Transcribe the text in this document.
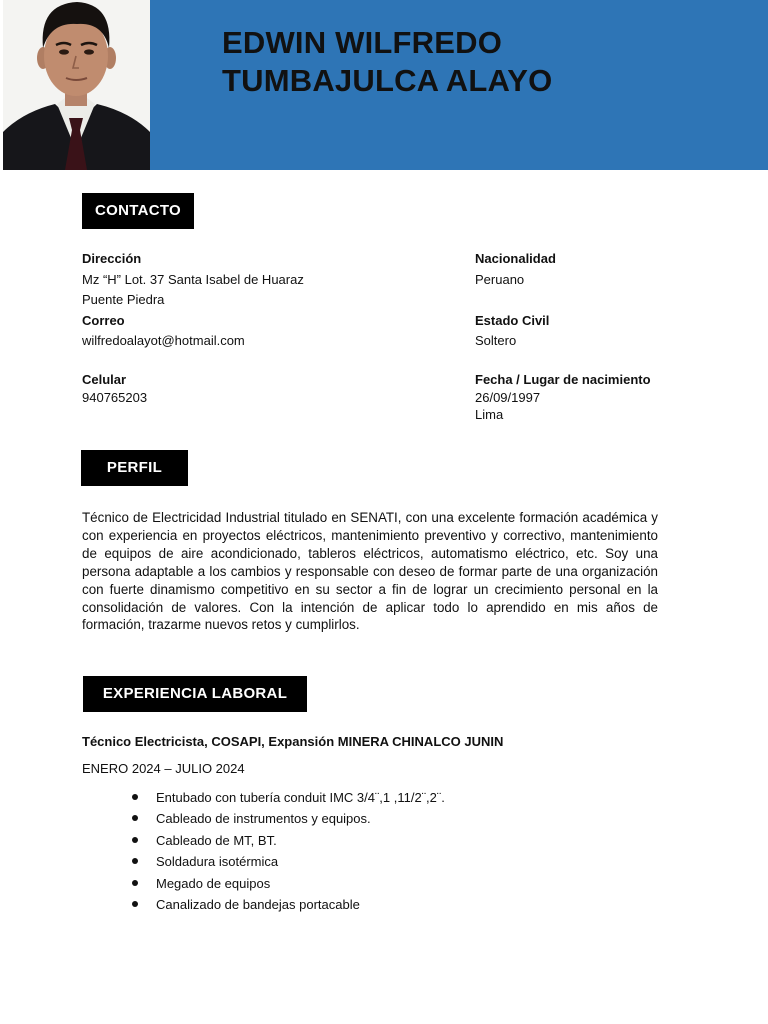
EDWIN WILFREDO
TUMBAJULCA ALAYO
CONTACTO
Dirección
Mz “H” Lot. 37 Santa Isabel de Huaraz
Puente Piedra
Correo
wilfredoalayot@hotmail.com
Celular
940765203
Nacionalidad
Peruano
Estado Civil
Soltero
Fecha / Lugar de nacimiento
26/09/1997
Lima
PERFIL

Técnico de Electricidad Industrial titulado en SENATI, con una excelente formación académica y con experiencia en proyectos eléctricos, mantenimiento preventivo y correctivo, mantenimiento de equipos de aire acondicionado, tableros eléctricos, automatismo eléctrico, etc. Soy una persona adaptable a los cambios y responsable con deseo de formar parte de una organización con fuerte dinamismo competitivo en su sector a fin de lograr un crecimiento personal en la consolidación de valores. Con la intención de aplicar todo lo aprendido en mis años de formación, trazarme nuevos retos y cumplirlos.

EXPERIENCIA LABORAL
Técnico Electricista, COSAPI, Expansión MINERA CHINALCO JUNIN
ENERO 2024 – JULIO 2024
Entubado con tubería conduit IMC 3/4¨,1 ,11/2¨,2¨.
Cableado de instrumentos y equipos.
Cableado de MT, BT.
Soldadura isotérmica
Megado de equipos
Canalizado de bandejas portacable
